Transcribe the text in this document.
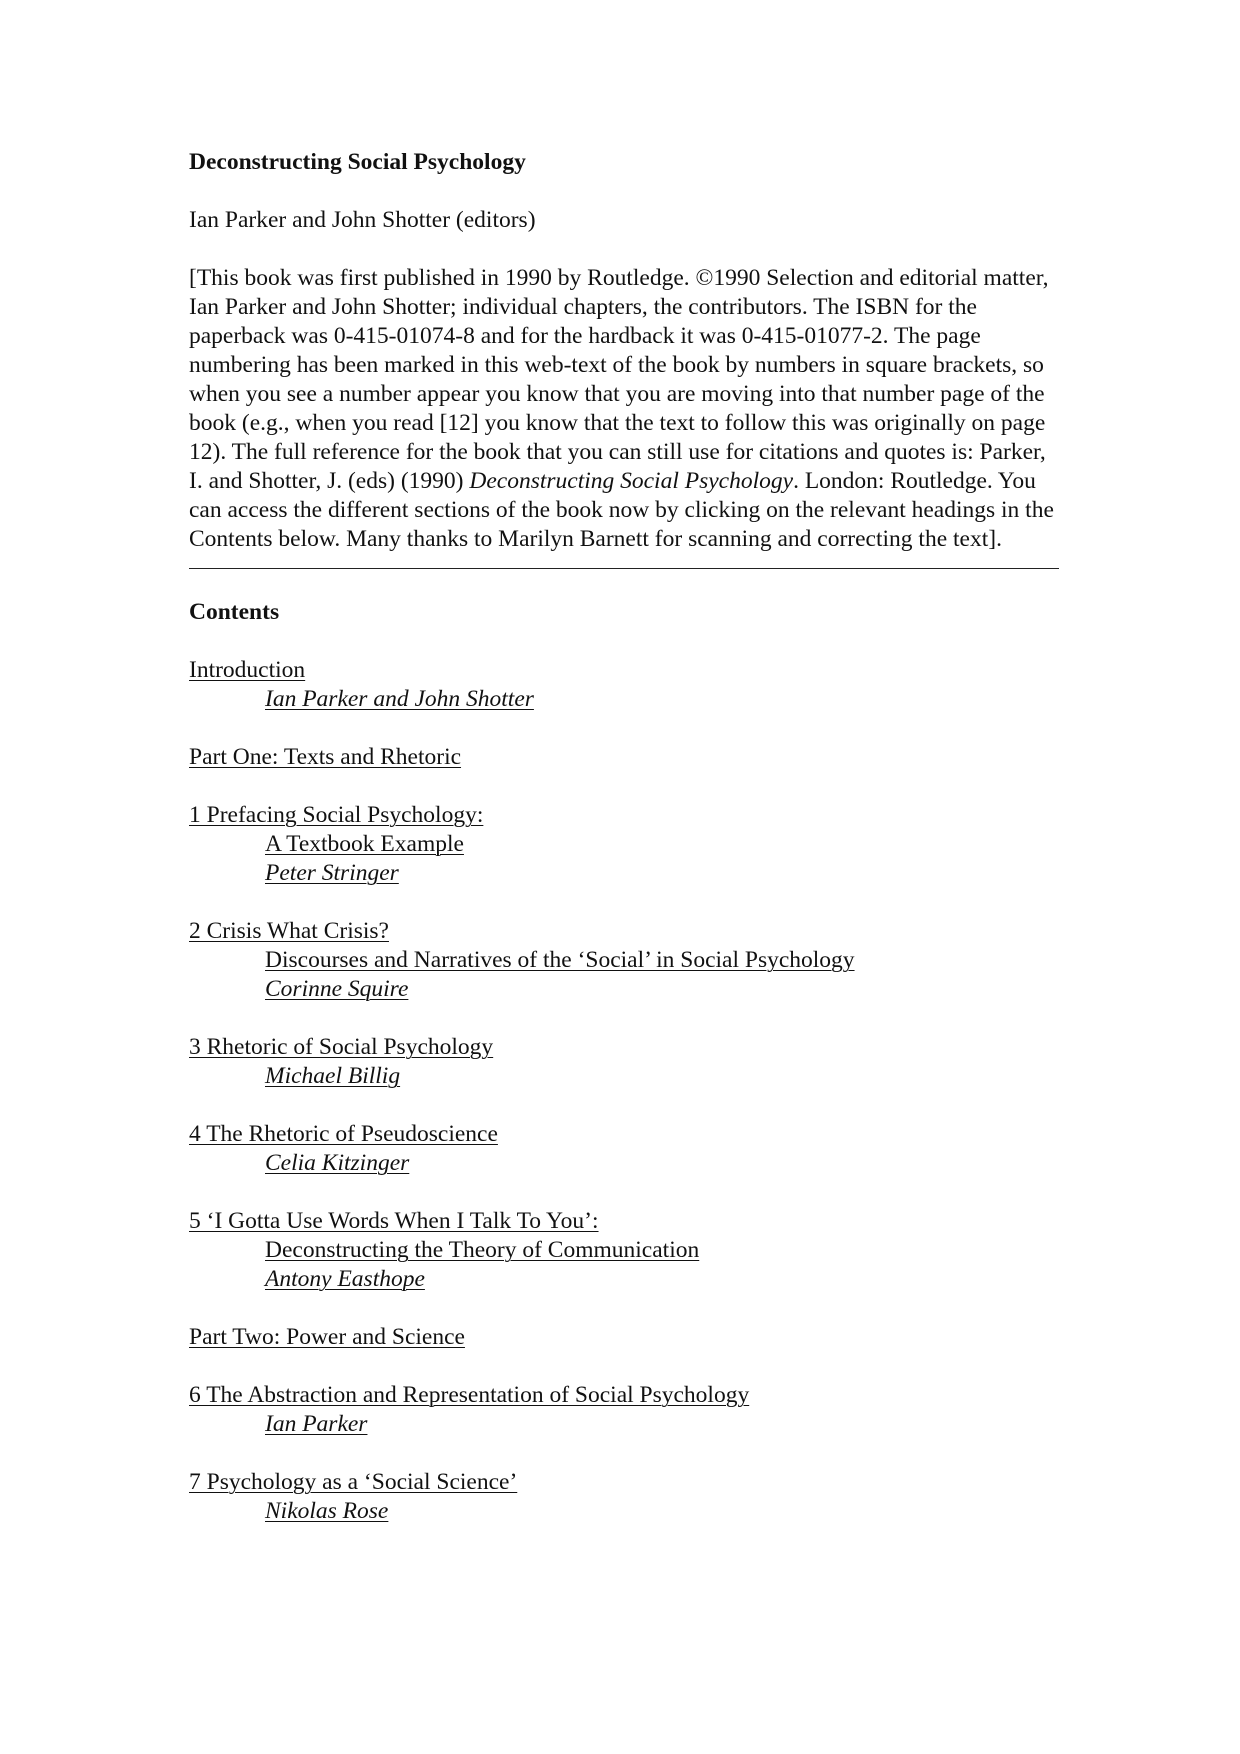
Deconstructing Social Psychology

Ian Parker and John Shotter (editors)

[This book was first published in 1990 by Routledge. ©1990 Selection and editorial matter, Ian Parker and John Shotter; individual chapters, the contributors. The ISBN for the paperback was 0-415-01074-8 and for the hardback it was 0-415-01077-2. The page numbering has been marked in this web-text of the book by numbers in square brackets, so when you see a number appear you know that you are moving into that number page of the book (e.g., when you read [12] you know that the text to follow this was originally on page 12). The full reference for the book that you can still use for citations and quotes is: Parker, I. and Shotter, J. (eds) (1990) Deconstructing Social Psychology. London: Routledge. You can access the different sections of the book now by clicking on the relevant headings in the Contents below. Many thanks to Marilyn Barnett for scanning and correcting the text].

Contents

Introduction
Ian Parker and John Shotter
Part One: Texts and Rhetoric
1 Prefacing Social Psychology:
A Textbook Example
Peter Stringer
2 Crisis What Crisis?
Discourses and Narratives of the ‘Social’ in Social Psychology
Corinne Squire
3 Rhetoric of Social Psychology
Michael Billig
4 The Rhetoric of Pseudoscience
Celia Kitzinger
5 ‘I Gotta Use Words When I Talk To You’:
Deconstructing the Theory of Communication
Antony Easthope
Part Two: Power and Science
6 The Abstraction and Representation of Social Psychology
Ian Parker
7 Psychology as a ‘Social Science’
Nikolas Rose
